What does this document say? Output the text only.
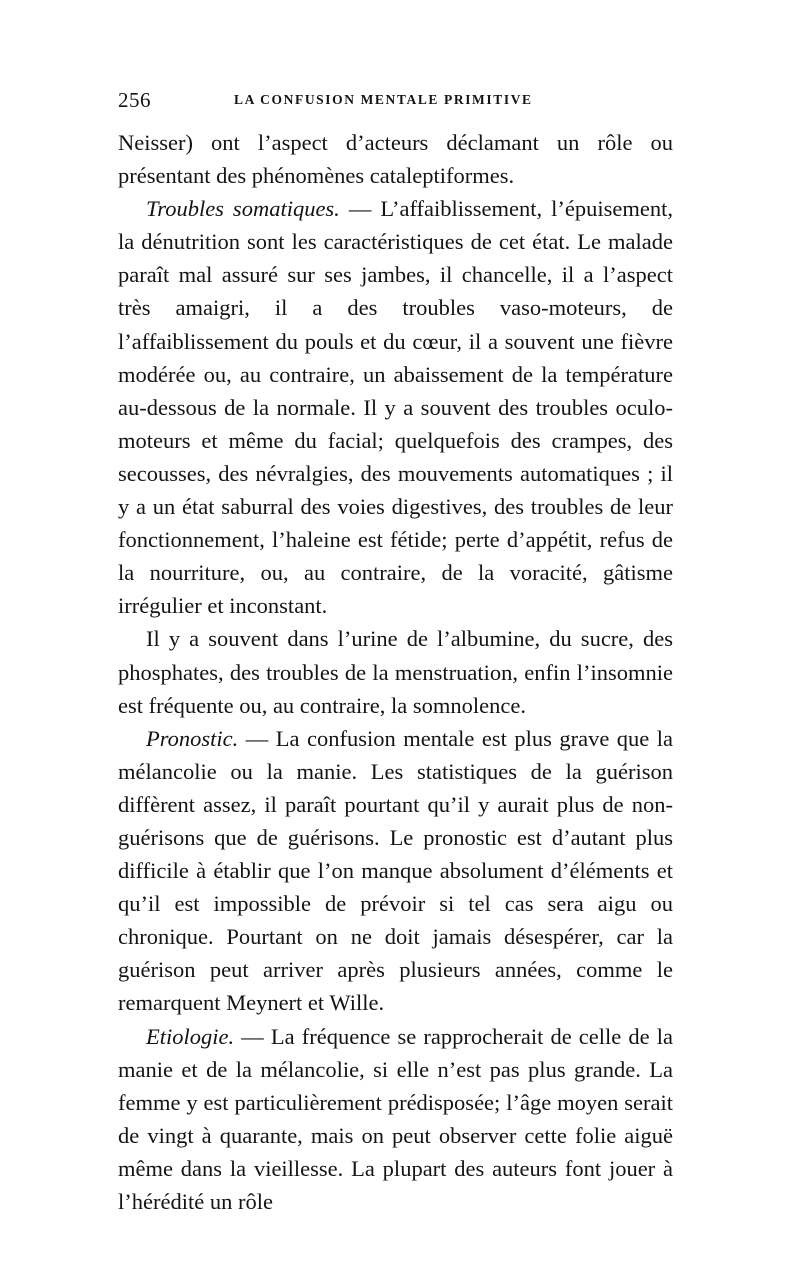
256	LA CONFUSION MENTALE PRIMITIVE

Neisser) ont l’aspect d’acteurs déclamant un rôle ou présentant des phénomènes cataleptiformes.

Troubles somatiques. — L’affaiblissement, l’épuisement, la dénutrition sont les caractéristiques de cet état. Le malade paraît mal assuré sur ses jambes, il chancelle, il a l’aspect très amaigri, il a des troubles vaso-moteurs, de l’affaiblissement du pouls et du cœur, il a souvent une fièvre modérée ou, au contraire, un abaissement de la température au-dessous de la normale. Il y a souvent des troubles oculo-moteurs et même du facial; quelquefois des crampes, des secousses, des névralgies, des mouvements automatiques ; il y a un état saburral des voies digestives, des troubles de leur fonctionnement, l’haleine est fétide; perte d’appétit, refus de la nourriture, ou, au contraire, de la voracité, gâtisme irrégulier et inconstant.

Il y a souvent dans l’urine de l’albumine, du sucre, des phosphates, des troubles de la menstruation, enfin l’insomnie est fréquente ou, au contraire, la somnolence.

Pronostic. — La confusion mentale est plus grave que la mélancolie ou la manie. Les statistiques de la guérison diffèrent assez, il paraît pourtant qu’il y aurait plus de non-guérisons que de guérisons. Le pronostic est d’autant plus difficile à établir que l’on manque absolument d’éléments et qu’il est impossible de prévoir si tel cas sera aigu ou chronique. Pourtant on ne doit jamais désespérer, car la guérison peut arriver après plusieurs années, comme le remarquent Meynert et Wille.

Etiologie. — La fréquence se rapprocherait de celle de la manie et de la mélancolie, si elle n’est pas plus grande. La femme y est particulièrement prédisposée; l’âge moyen serait de vingt à quarante, mais on peut observer cette folie aiguë même dans la vieillesse. La plupart des auteurs font jouer à l’hérédité un rôle
